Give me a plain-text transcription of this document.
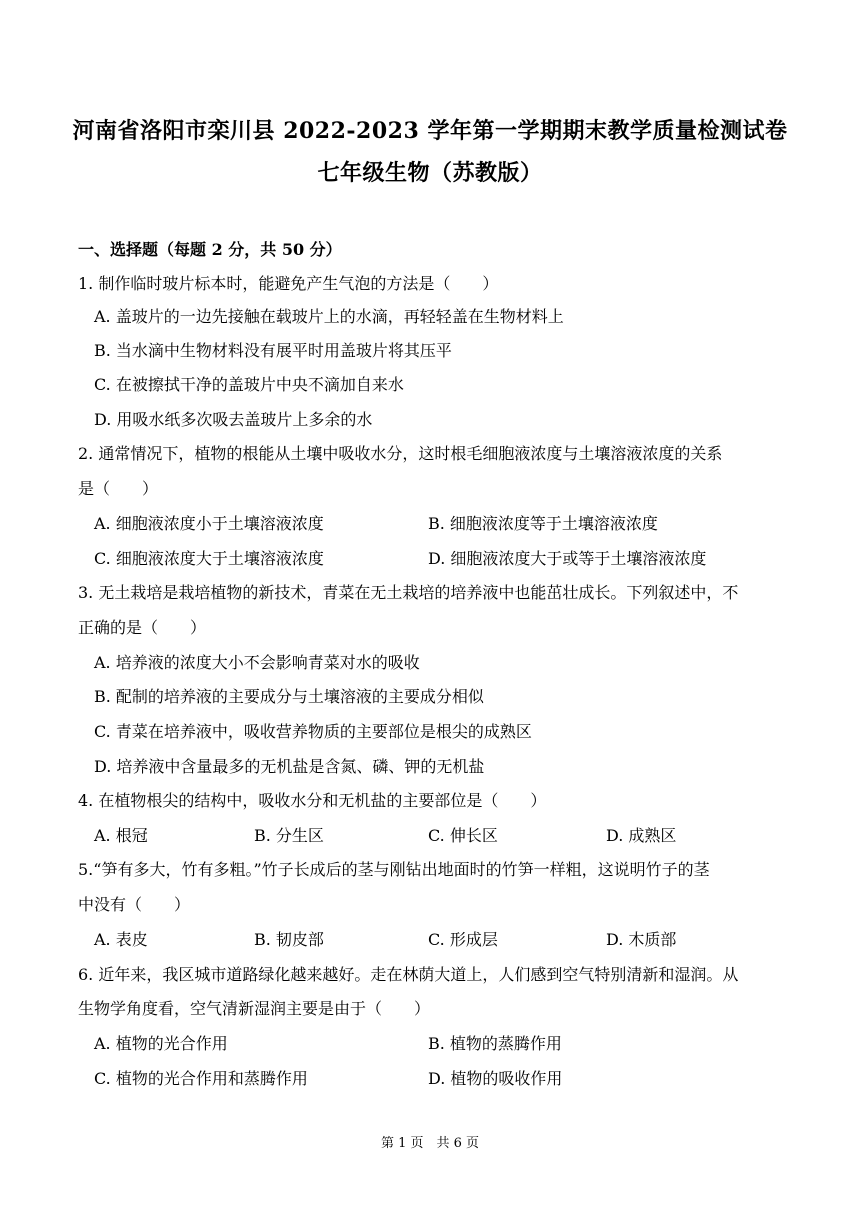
河南省洛阳市栾川县 2022-2023 学年第一学期期末教学质量检测试卷
七年级生物（苏教版）
一、选择题（每题 2 分，共 50 分）
1. 制作临时玻片标本时，能避免产生气泡的方法是（　　）
A. 盖玻片的一边先接触在载玻片上的水滴，再轻轻盖在生物材料上
B. 当水滴中生物材料没有展平时用盖玻片将其压平
C. 在被擦拭干净的盖玻片中央不滴加自来水
D. 用吸水纸多次吸去盖玻片上多余的水
2. 通常情况下，植物的根能从土壤中吸收水分，这时根毛细胞液浓度与土壤溶液浓度的关系
是（　　）
A. 细胞液浓度小于土壤溶液浓度	B. 细胞液浓度等于土壤溶液浓度
C. 细胞液浓度大于土壤溶液浓度	D. 细胞液浓度大于或等于土壤溶液浓度
3. 无土栽培是栽培植物的新技术，青菜在无土栽培的培养液中也能茁壮成长。下列叙述中，不
正确的是（　　）
A. 培养液的浓度大小不会影响青菜对水的吸收
B. 配制的培养液的主要成分与土壤溶液的主要成分相似
C. 青菜在培养液中，吸收营养物质的主要部位是根尖的成熟区
D. 培养液中含量最多的无机盐是含氮、磷、钾的无机盐
4. 在植物根尖的结构中，吸收水分和无机盐的主要部位是（　　）
A. 根冠	B. 分生区	C. 伸长区	D. 成熟区
5.“笋有多大，竹有多粗。”竹子长成后的茎与刚钻出地面时的竹笋一样粗，这说明竹子的茎
中没有（　　）
A. 表皮	B. 韧皮部	C. 形成层	D. 木质部
6. 近年来，我区城市道路绿化越来越好。走在林荫大道上，人们感到空气特别清新和湿润。从
生物学角度看，空气清新湿润主要是由于（　　）
A. 植物的光合作用	B. 植物的蒸腾作用
C. 植物的光合作用和蒸腾作用	D. 植物的吸收作用
第 1 页　共 6 页
